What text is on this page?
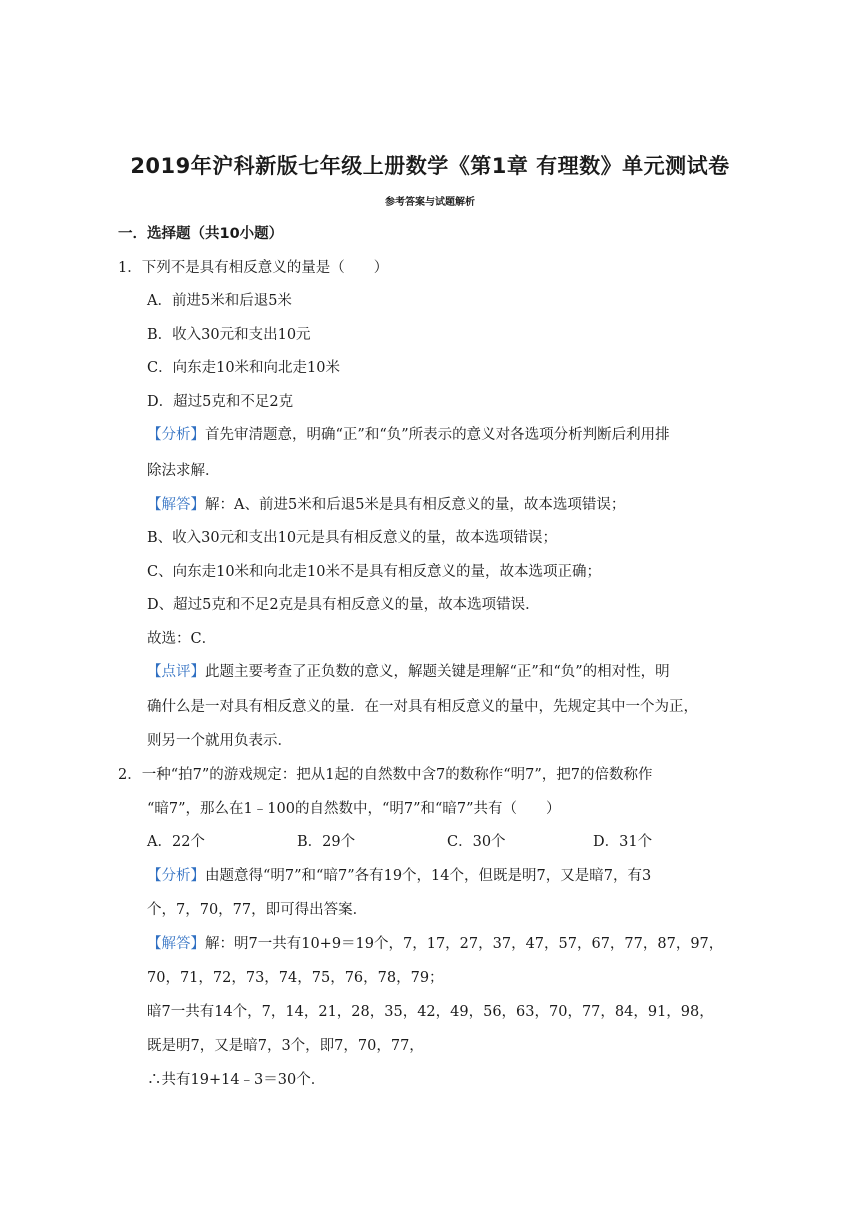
2019年沪科新版七年级上册数学《第1章 有理数》单元测试卷
参考答案与试题解析
一．选择题（共10小题）
1．下列不是具有相反意义的量是（　　）
A．前进5米和后退5米
B．收入30元和支出10元
C．向东走10米和向北走10米
D．超过5克和不足2克
【分析】首先审清题意，明确“正”和“负”所表示的意义对各选项分析判断后利用排
除法求解．
【解答】解：A、前进5米和后退5米是具有相反意义的量，故本选项错误；
B、收入30元和支出10元是具有相反意义的量，故本选项错误；
C、向东走10米和向北走10米不是具有相反意义的量，故本选项正确；
D、超过5克和不足2克是具有相反意义的量，故本选项错误．
故选：C．
【点评】此题主要考查了正负数的意义，解题关键是理解“正”和“负”的相对性，明
确什么是一对具有相反意义的量．在一对具有相反意义的量中，先规定其中一个为正，
则另一个就用负表示．
2．一种“拍7”的游戏规定：把从1起的自然数中含7的数称作“明7”，把7的倍数称作
“暗7”，那么在1﹣100的自然数中，“明7”和“暗7”共有（　　）
A．22个	B．29个	C．30个	D．31个
【分析】由题意得“明7”和“暗7”各有19个，14个，但既是明7，又是暗7，有3
个，7，70，77，即可得出答案．
【解答】解：明7一共有10+9＝19个，7，17，27，37，47，57，67，77，87，97，
70，71，72，73，74，75，76，78，79；
暗7一共有14个，7，14，21，28，35，42，49，56，63，70，77，84，91，98，
既是明7，又是暗7，3个，即7，70，77，
∴共有19+14﹣3＝30个．
